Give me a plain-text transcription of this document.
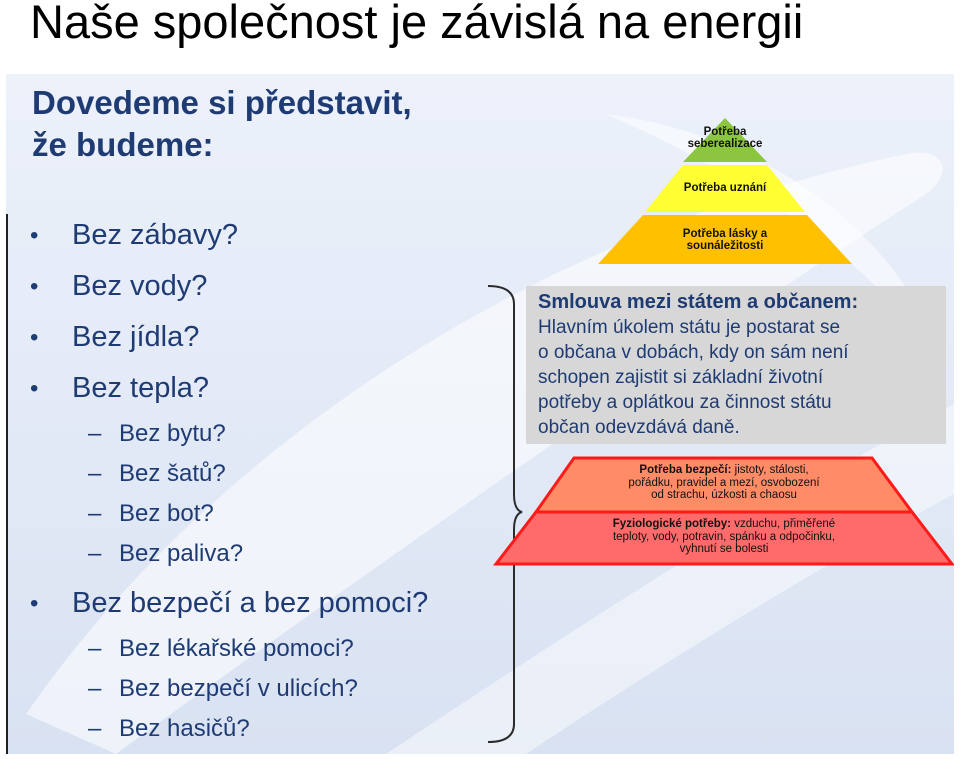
Naše společnost je závislá na energii
Dovedeme si představit,
že budeme:
• Bez zábavy?
• Bez vody?
• Bez jídla?
• Bez tepla?
– Bez bytu?
– Bez šatů?
– Bez bot?
– Bez paliva?
• Bez bezpečí a bez pomoci?
– Bez lékařské pomoci?
– Bez bezpečí v ulicích?
– Bez hasičů?
Potřeba
seberealizace
Potřeba uznání
Potřeba lásky a
sounáležitosti
Smlouva mezi státem a občanem:
Hlavním úkolem státu je postarat se
o občana v dobách, kdy on sám není
schopen zajistit si základní životní
potřeby a oplátkou za činnost státu
občan odevzdává daně.
Potřeba bezpečí: jistoty, stálosti,
pořádku, pravidel a mezí, osvobození
od strachu, úzkosti a chaosu
Fyziologické potřeby: vzduchu, přiměřené
teploty, vody, potravin, spánku a odpočinku,
vyhnutí se bolesti
